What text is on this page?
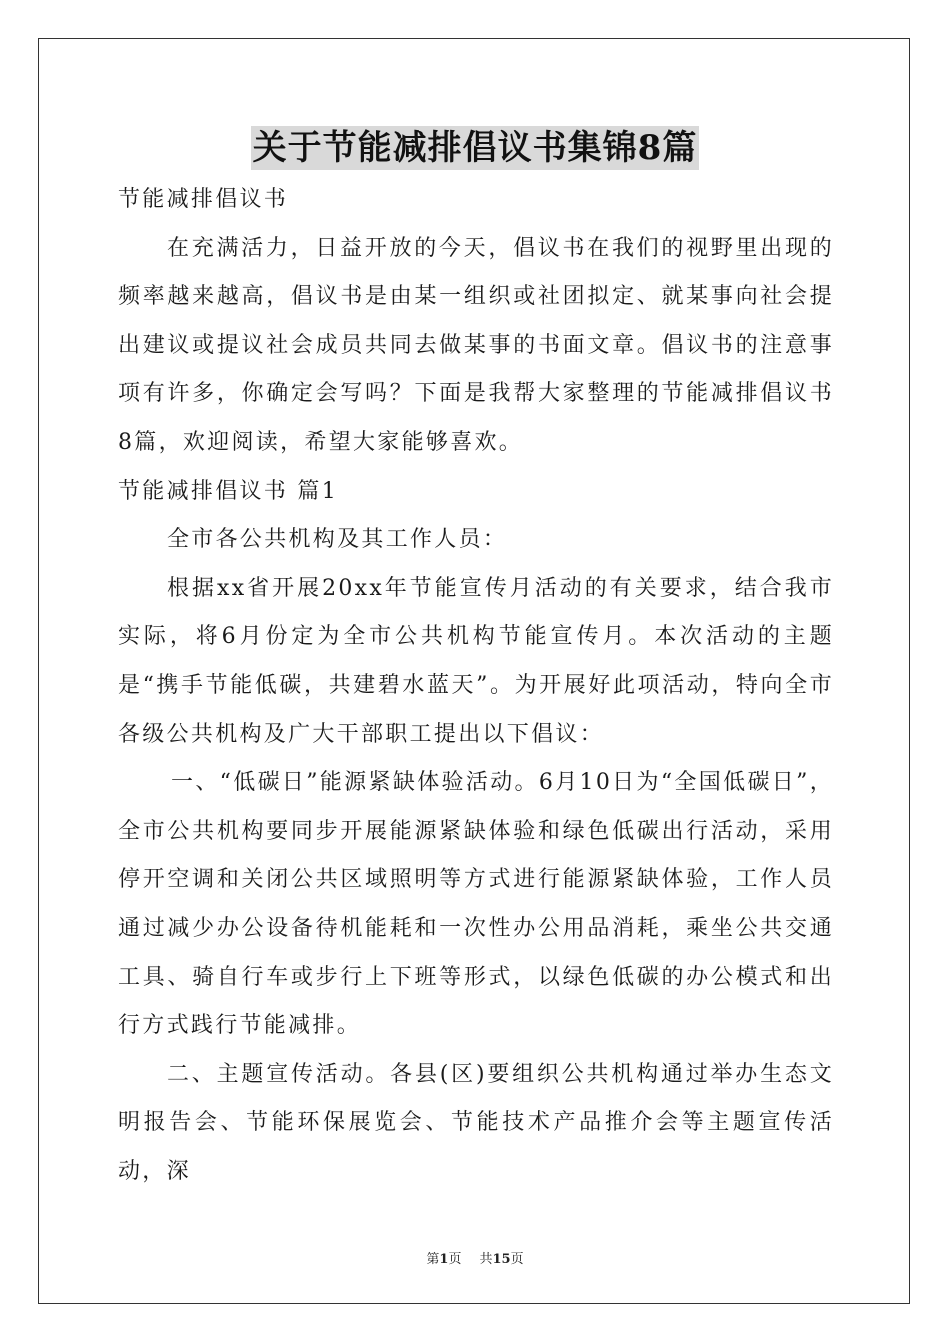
关于节能减排倡议书集锦8篇

节能减排倡议书

在充满活力，日益开放的今天，倡议书在我们的视野里出现的频率越来越高，倡议书是由某一组织或社团拟定、就某事向社会提出建议或提议社会成员共同去做某事的书面文章。倡议书的注意事项有许多，你确定会写吗？下面是我帮大家整理的节能减排倡议书8篇，欢迎阅读，希望大家能够喜欢。

节能减排倡议书 篇1

全市各公共机构及其工作人员：

根据xx省开展20xx年节能宣传月活动的有关要求，结合我市实际，将6月份定为全市公共机构节能宣传月。本次活动的主题是“携手节能低碳，共建碧水蓝天”。为开展好此项活动，特向全市各级公共机构及广大干部职工提出以下倡议：

一、“低碳日”能源紧缺体验活动。6月10日为“全国低碳日”，全市公共机构要同步开展能源紧缺体验和绿色低碳出行活动，采用停开空调和关闭公共区域照明等方式进行能源紧缺体验，工作人员通过减少办公设备待机能耗和一次性办公用品消耗，乘坐公共交通工具、骑自行车或步行上下班等形式，以绿色低碳的办公模式和出行方式践行节能减排。

二、主题宣传活动。各县(区)要组织公共机构通过举办生态文明报告会、节能环保展览会、节能技术产品推介会等主题宣传活动，深

第1页 共15页
